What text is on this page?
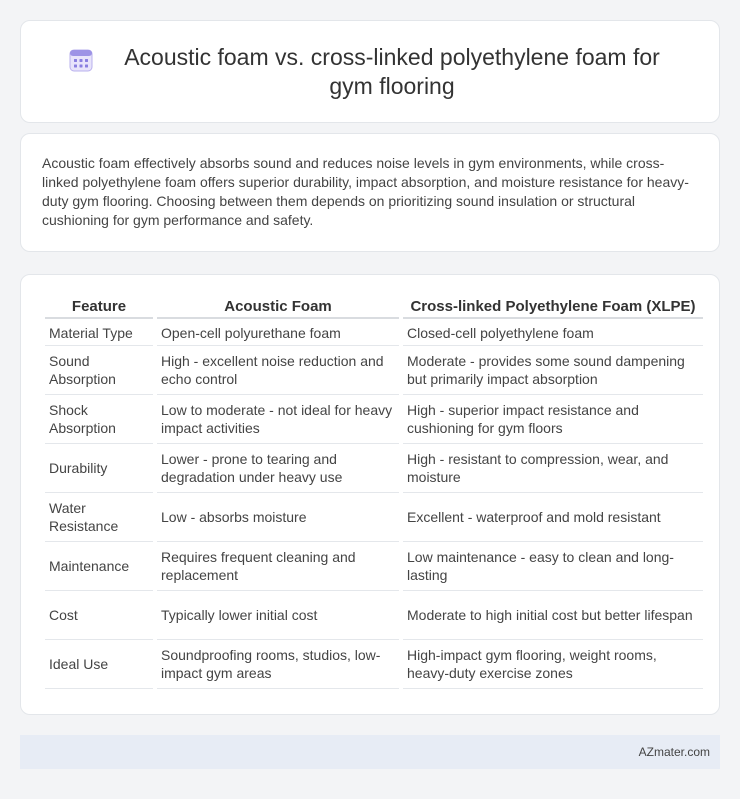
Acoustic foam vs. cross-linked polyethylene foam for gym flooring

Acoustic foam effectively absorbs sound and reduces noise levels in gym environments, while cross-linked polyethylene foam offers superior durability, impact absorption, and moisture resistance for heavy-duty gym flooring. Choosing between them depends on prioritizing sound insulation or structural cushioning for gym performance and safety.

Feature	Acoustic Foam	Cross-linked Polyethylene Foam (XLPE)
Material Type	Open-cell polyurethane foam	Closed-cell polyethylene foam
Sound Absorption	High - excellent noise reduction and echo control	Moderate - provides some sound dampening but primarily impact absorption
Shock Absorption	Low to moderate - not ideal for heavy impact activities	High - superior impact resistance and cushioning for gym floors
Durability	Lower - prone to tearing and degradation under heavy use	High - resistant to compression, wear, and moisture
Water Resistance	Low - absorbs moisture	Excellent - waterproof and mold resistant
Maintenance	Requires frequent cleaning and replacement	Low maintenance - easy to clean and long-lasting
Cost	Typically lower initial cost	Moderate to high initial cost but better lifespan
Ideal Use	Soundproofing rooms, studios, low-impact gym areas	High-impact gym flooring, weight rooms, heavy-duty exercise zones
AZmater.com
